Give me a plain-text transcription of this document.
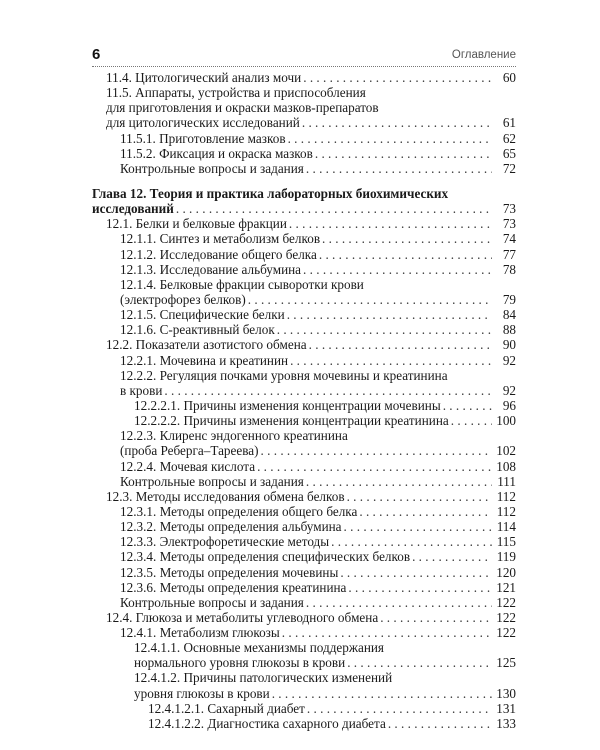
6	Оглавление
11.4. Цитологический анализ мочи . . .	60
11.5. Аппараты, устройства и приспособления
для приготовления и окраски мазков-препаратов
для цитологических исследований . . .	61
11.5.1. Приготовление мазков . . .	62
11.5.2. Фиксация и окраска мазков . . .	65
Контрольные вопросы и задания . . .	72
Глава 12. Теория и практика лабораторных биохимических
исследований . . .	73
12.1. Белки и белковые фракции . . .	73
12.1.1. Синтез и метаболизм белков . . .	74
12.1.2. Исследование общего белка . . .	77
12.1.3. Исследование альбумина . . .	78
12.1.4. Белковые фракции сыворотки крови
(электрофорез белков) . . .	79
12.1.5. Специфические белки . . .	84
12.1.6. С-реактивный белок . . .	88
12.2. Показатели азотистого обмена . . .	90
12.2.1. Мочевина и креатинин . . .	92
12.2.2. Регуляция почками уровня мочевины и креатинина
в крови . . .	92
12.2.2.1. Причины изменения концентрации мочевины . . .	96
12.2.2.2. Причины изменения концентрации креатинина . . .	100
12.2.3. Клиренс эндогенного креатинина
(проба Реберга–Тареева) . . .	102
12.2.4. Мочевая кислота . . .	108
Контрольные вопросы и задания . . .	111
12.3. Методы исследования обмена белков . . .	112
12.3.1. Методы определения общего белка . . .	112
12.3.2. Методы определения альбумина . . .	114
12.3.3. Электрофоретические методы . . .	115
12.3.4. Методы определения специфических белков . . .	119
12.3.5. Методы определения мочевины . . .	120
12.3.6. Методы определения креатинина . . .	121
Контрольные вопросы и задания . . .	122
12.4. Глюкоза и метаболиты углеводного обмена . . .	122
12.4.1. Метаболизм глюкозы . . .	122
12.4.1.1. Основные механизмы поддержания
нормального уровня глюкозы в крови . . .	125
12.4.1.2. Причины патологических изменений
уровня глюкозы в крови . . .	130
12.4.1.2.1. Сахарный диабет . . .	131
12.4.1.2.2. Диагностика сахарного диабета . . .	133
